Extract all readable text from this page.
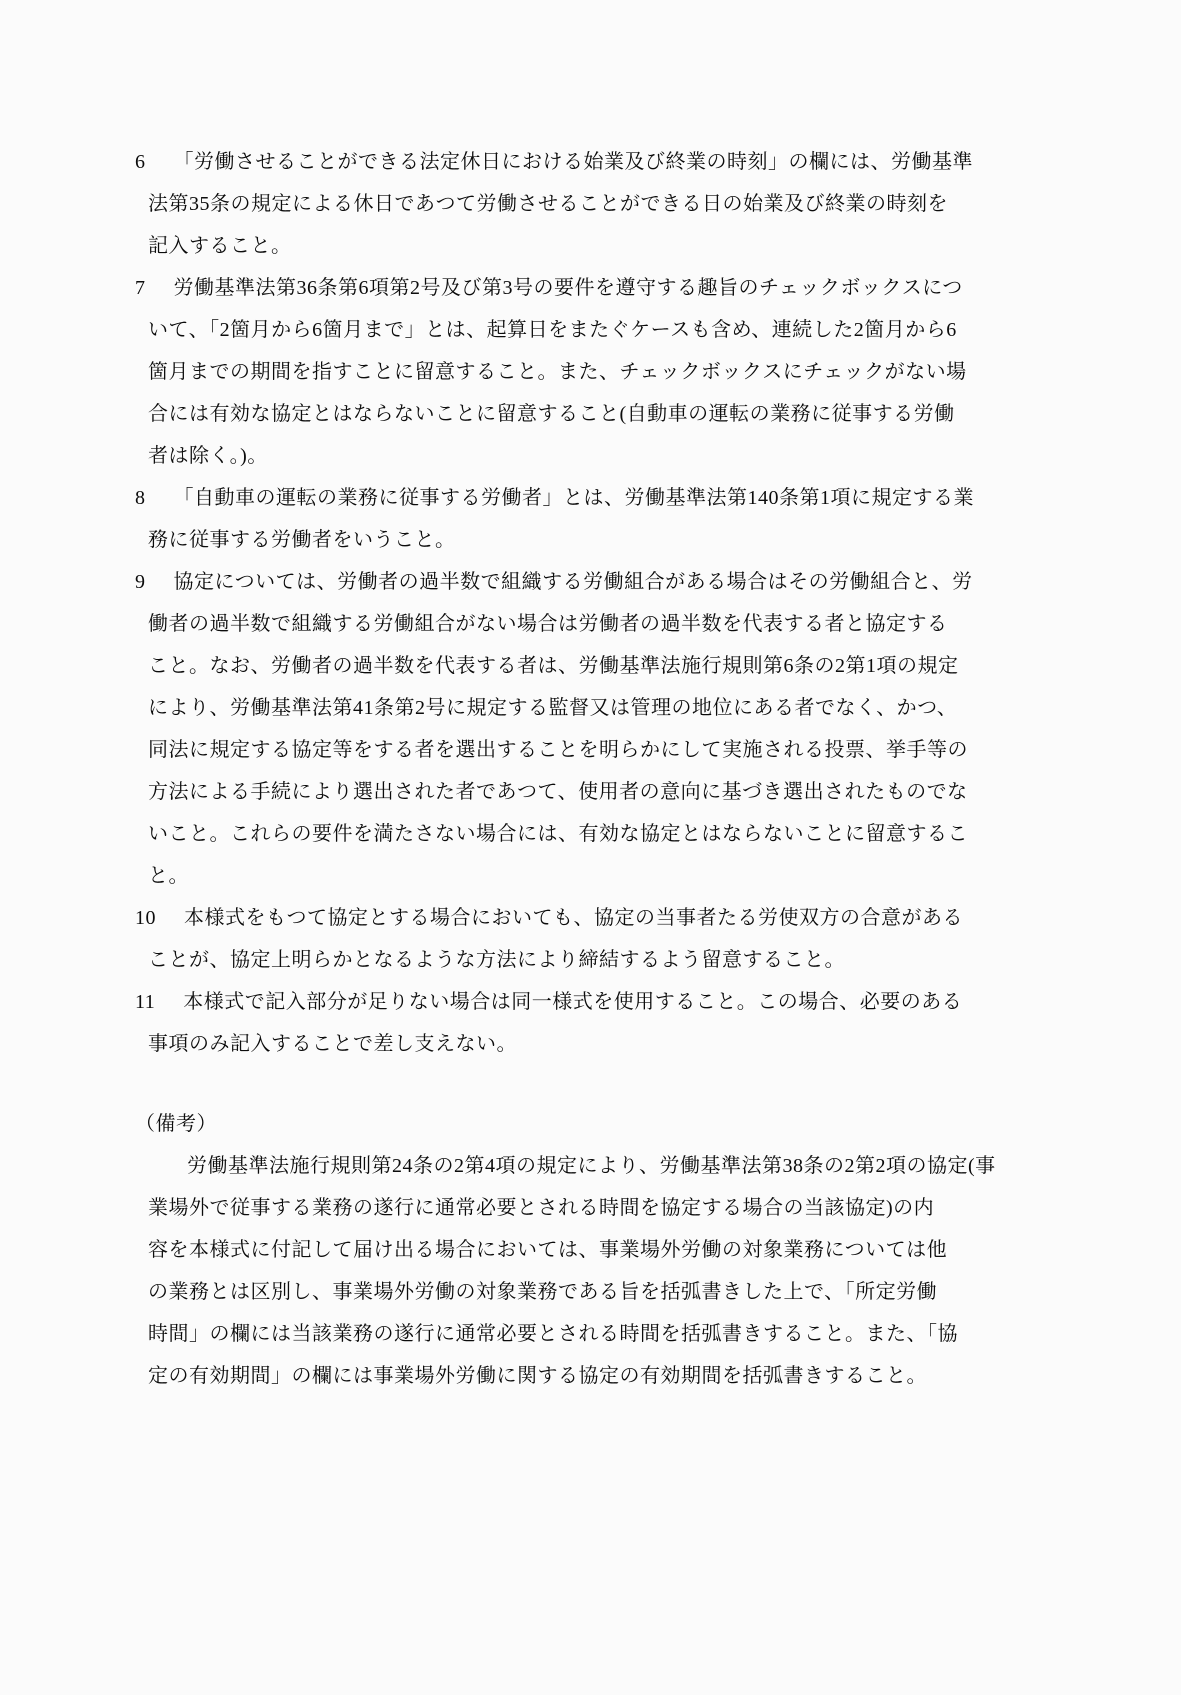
6 「労働させることができる法定休日における始業及び終業の時刻」の欄には、労働基準
法第35条の規定による休日であつて労働させることができる日の始業及び終業の時刻を
記入すること。
7 労働基準法第36条第6項第2号及び第3号の要件を遵守する趣旨のチェックボックスにつ
いて、「2箇月から6箇月まで」とは、起算日をまたぐケースも含め、連続した2箇月から6
箇月までの期間を指すことに留意すること。また、チェックボックスにチェックがない場
合には有効な協定とはならないことに留意すること(自動車の運転の業務に従事する労働
者は除く。)。
8 「自動車の運転の業務に従事する労働者」とは、労働基準法第140条第1項に規定する業
務に従事する労働者をいうこと。
9 協定については、労働者の過半数で組織する労働組合がある場合はその労働組合と、労
働者の過半数で組織する労働組合がない場合は労働者の過半数を代表する者と協定する
こと。なお、労働者の過半数を代表する者は、労働基準法施行規則第6条の2第1項の規定
により、労働基準法第41条第2号に規定する監督又は管理の地位にある者でなく、かつ、
同法に規定する協定等をする者を選出することを明らかにして実施される投票、挙手等の
方法による手続により選出された者であつて、使用者の意向に基づき選出されたものでな
いこと。これらの要件を満たさない場合には、有効な協定とはならないことに留意するこ
と。
10 本様式をもつて協定とする場合においても、協定の当事者たる労使双方の合意がある
ことが、協定上明らかとなるような方法により締結するよう留意すること。
11 本様式で記入部分が足りない場合は同一様式を使用すること。この場合、必要のある
事項のみ記入することで差し支えない。
（備考）
労働基準法施行規則第24条の2第4項の規定により、労働基準法第38条の2第2項の協定(事
業場外で従事する業務の遂行に通常必要とされる時間を協定する場合の当該協定)の内
容を本様式に付記して届け出る場合においては、事業場外労働の対象業務については他
の業務とは区別し、事業場外労働の対象業務である旨を括弧書きした上で、「所定労働
時間」の欄には当該業務の遂行に通常必要とされる時間を括弧書きすること。また、「協
定の有効期間」の欄には事業場外労働に関する協定の有効期間を括弧書きすること。
